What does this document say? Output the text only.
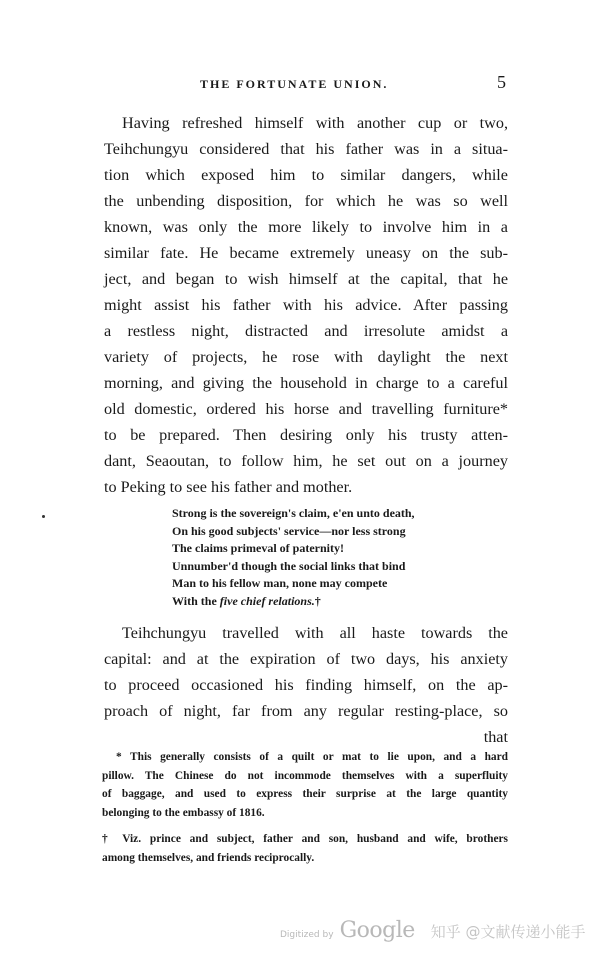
THE FORTUNATE UNION.	5
Having refreshed himself with another cup or two,
Teihchungyu considered that his father was in a situa-
tion which exposed him to similar dangers, while
the unbending disposition, for which he was so well
known, was only the more likely to involve him in a
similar fate. He became extremely uneasy on the sub-
ject, and began to wish himself at the capital, that he
might assist his father with his advice. After passing
a restless night, distracted and irresolute amidst a
variety of projects, he rose with daylight the next
morning, and giving the household in charge to a careful
old domestic, ordered his horse and travelling furniture*
to be prepared. Then desiring only his trusty atten-
dant, Seaoutan, to follow him, he set out on a journey
to Peking to see his father and mother.
Strong is the sovereign's claim, e'en unto death,
On his good subjects' service—nor less strong
The claims primeval of paternity!
Unnumber'd though the social links that bind
Man to his fellow man, none may compete
With the five chief relations.†
Teihchungyu travelled with all haste towards the
capital: and at the expiration of two days, his anxiety
to proceed occasioned his finding himself, on the ap-
proach of night, far from any regular resting-place, so
that
* This generally consists of a quilt or mat to lie upon, and a hard
pillow. The Chinese do not incommode themselves with a superfluity
of baggage, and used to express their surprise at the large quantity
belonging to the embassy of 1816.
† Viz. prince and subject, father and son, husband and wife, brothers
among themselves, and friends reciprocally.
Digitized by Google 知乎 @文献传递小能手
